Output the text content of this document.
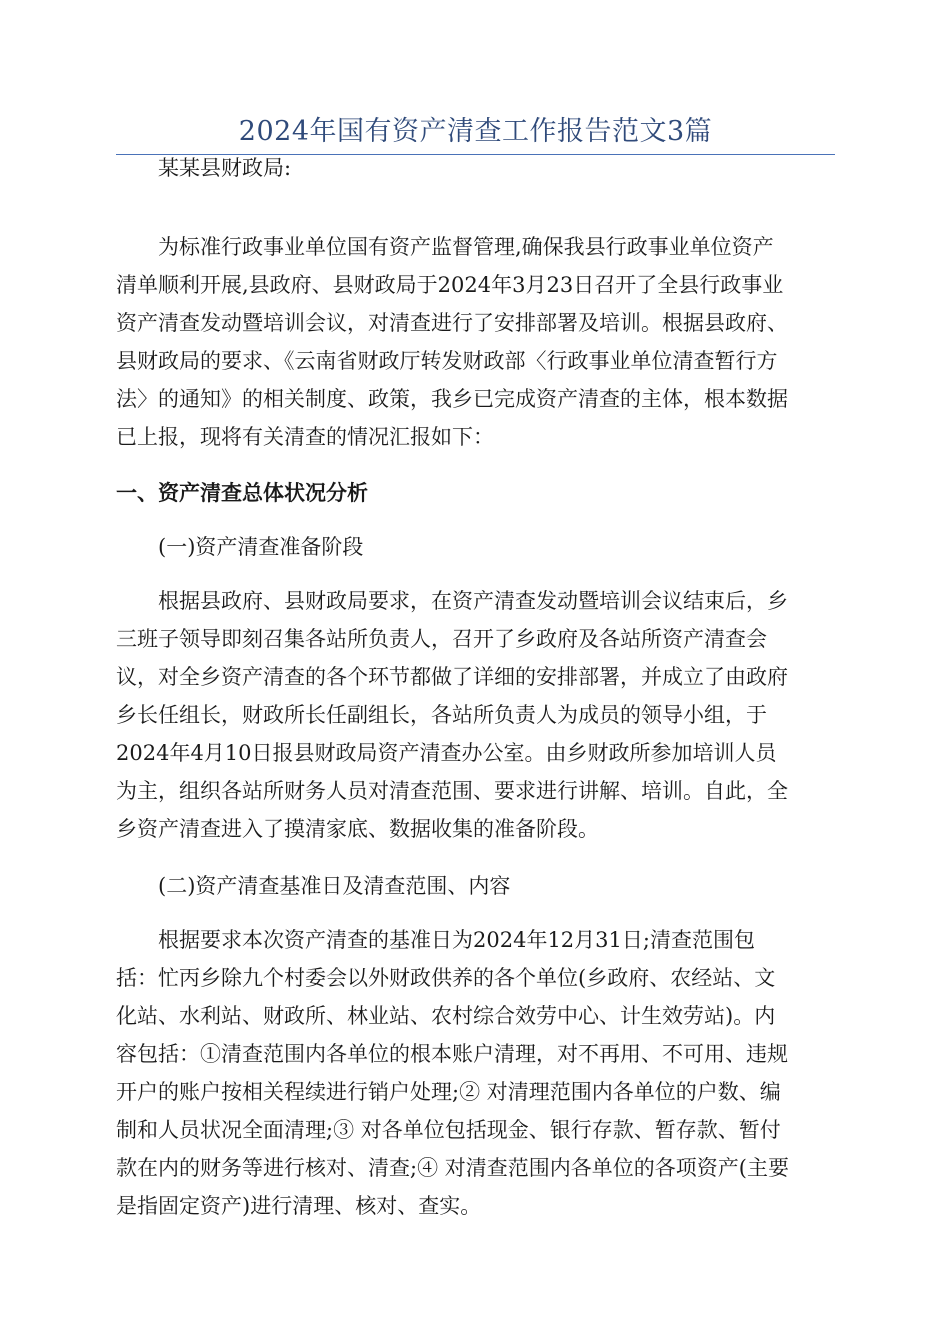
2024年国有资产清查工作报告范文3篇
某某县财政局:
为标准行政事业单位国有资产监督管理,确保我县行政事业单位资产
清单顺利开展,县政府、县财政局于2024年3月23日召开了全县行政事业
资产清查发动暨培训会议，对清查进行了安排部署及培训。根据县政府、
县财政局的要求、《云南省财政厅转发财政部〈行政事业单位清查暂行方
法〉的通知》的相关制度、政策，我乡已完成资产清查的主体，根本数据
已上报，现将有关清查的情况汇报如下：
一、资产清查总体状况分析
(一)资产清查准备阶段
根据县政府、县财政局要求，在资产清查发动暨培训会议结束后，乡
三班子领导即刻召集各站所负责人，召开了乡政府及各站所资产清查会
议，对全乡资产清查的各个环节都做了详细的安排部署，并成立了由政府
乡长任组长，财政所长任副组长，各站所负责人为成员的领导小组，于
2024年4月10日报县财政局资产清查办公室。由乡财政所参加培训人员
为主，组织各站所财务人员对清查范围、要求进行讲解、培训。自此，全
乡资产清查进入了摸清家底、数据收集的准备阶段。
(二)资产清查基准日及清查范围、内容
根据要求本次资产清查的基准日为2024年12月31日;清查范围包
括：忙丙乡除九个村委会以外财政供养的各个单位(乡政府、农经站、文
化站、水利站、财政所、林业站、农村综合效劳中心、计生效劳站)。内
容包括：①清查范围内各单位的根本账户清理，对不再用、不可用、违规
开户的账户按相关程续进行销户处理;② 对清理范围内各单位的户数、编
制和人员状况全面清理;③ 对各单位包括现金、银行存款、暂存款、暂付
款在内的财务等进行核对、清查;④ 对清查范围内各单位的各项资产(主要
是指固定资产)进行清理、核对、查实。
